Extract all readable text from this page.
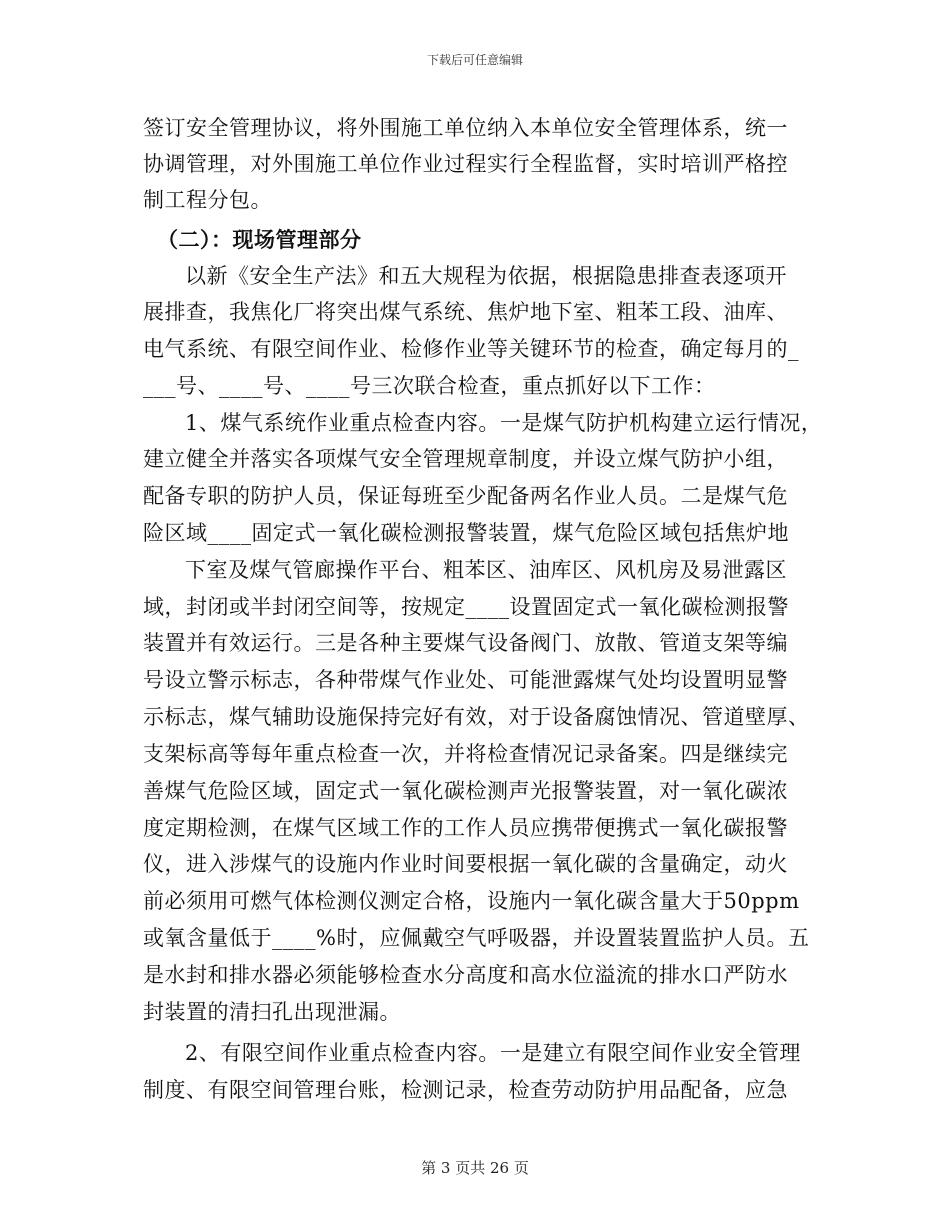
下载后可任意编辑
签订安全管理协议，将外围施工单位纳入本单位安全管理体系，统一
协调管理，对外围施工单位作业过程实行全程监督，实时培训严格控
制工程分包。
（二）：现场管理部分
以新《安全生产法》和五大规程为依据，根据隐患排查表逐项开
展排查，我焦化厂将突出煤气系统、焦炉地下室、粗苯工段、油库、
电气系统、有限空间作业、检修作业等关键环节的检查，确定每月的_
___号、____号、____号三次联合检查，重点抓好以下工作：
1、煤气系统作业重点检查内容。一是煤气防护机构建立运行情况，
建立健全并落实各项煤气安全管理规章制度，并设立煤气防护小组，
配备专职的防护人员，保证每班至少配备两名作业人员。二是煤气危
险区域____固定式一氧化碳检测报警装置，煤气危险区域包括焦炉地
下室及煤气管廊操作平台、粗苯区、油库区、风机房及易泄露区
域，封闭或半封闭空间等，按规定____设置固定式一氧化碳检测报警
装置并有效运行。三是各种主要煤气设备阀门、放散、管道支架等编
号设立警示标志，各种带煤气作业处、可能泄露煤气处均设置明显警
示标志，煤气辅助设施保持完好有效，对于设备腐蚀情况、管道壁厚、
支架标高等每年重点检查一次，并将检查情况记录备案。四是继续完
善煤气危险区域，固定式一氧化碳检测声光报警装置，对一氧化碳浓
度定期检测，在煤气区域工作的工作人员应携带便携式一氧化碳报警
仪，进入涉煤气的设施内作业时间要根据一氧化碳的含量确定，动火
前必须用可燃气体检测仪测定合格，设施内一氧化碳含量大于50ppm
或氧含量低于____%时，应佩戴空气呼吸器，并设置装置监护人员。五
是水封和排水器必须能够检查水分高度和高水位溢流的排水口严防水
封装置的清扫孔出现泄漏。
2、有限空间作业重点检查内容。一是建立有限空间作业安全管理
制度、有限空间管理台账，检测记录，检查劳动防护用品配备，应急
第 3 页共 26 页
